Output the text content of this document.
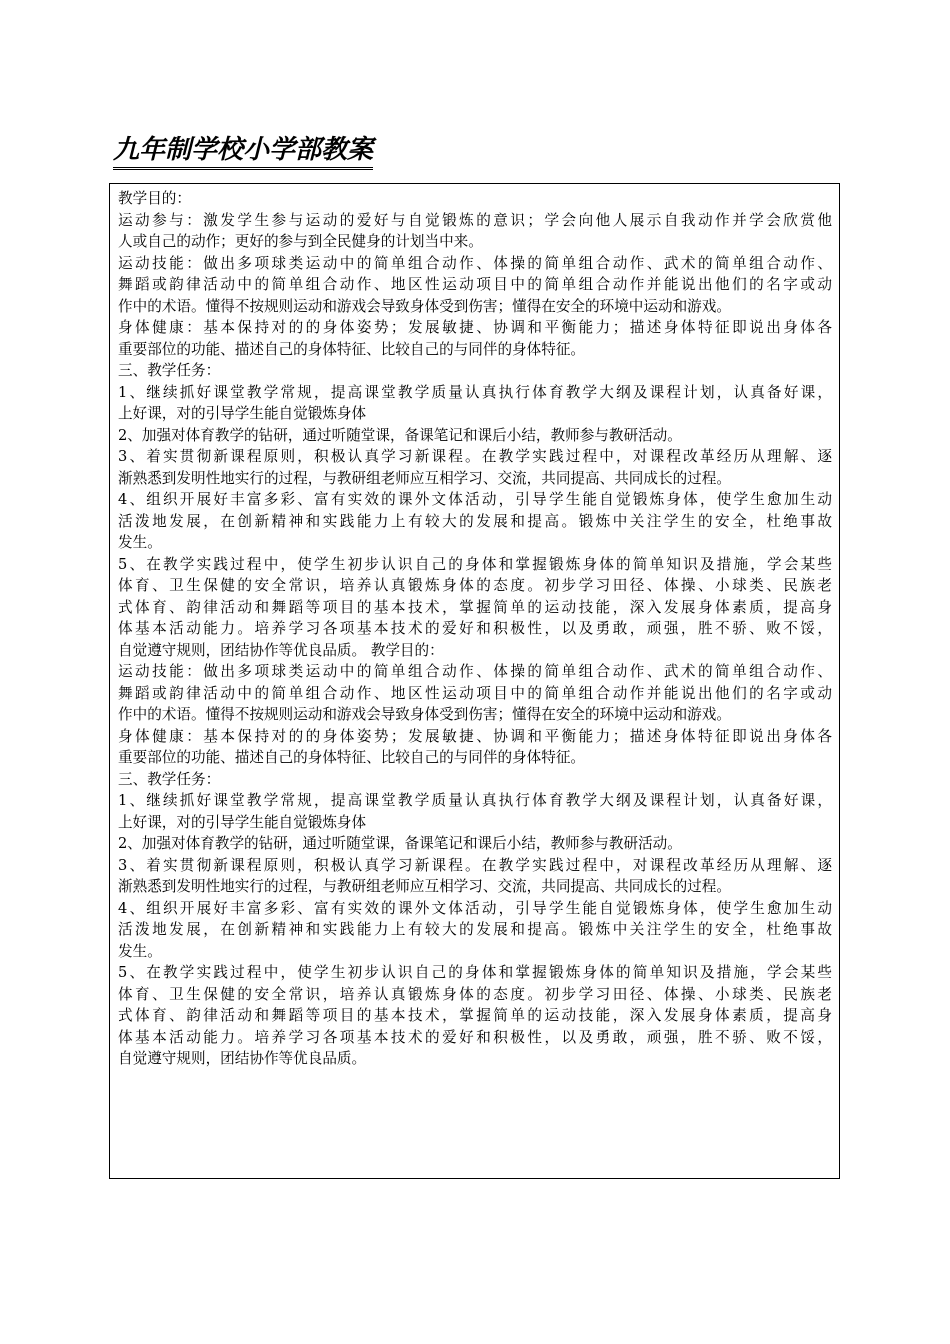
九年制学校小学部教案
教学目的：
运动参与：激发学生参与运动的爱好与自觉锻炼的意识；学会向他人展示自我动作并学会欣赏他
人或自己的动作；更好的参与到全民健身的计划当中来。
运动技能：做出多项球类运动中的简单组合动作、体操的简单组合动作、武术的简单组合动作、
舞蹈或韵律活动中的简单组合动作、地区性运动项目中的简单组合动作并能说出他们的名字或动
作中的术语。懂得不按规则运动和游戏会导致身体受到伤害；懂得在安全的环境中运动和游戏。
身体健康：基本保持对的的身体姿势；发展敏捷、协调和平衡能力；描述身体特征即说出身体各
重要部位的功能、描述自己的身体特征、比较自己的与同伴的身体特征。
三、教学任务：
1、继续抓好课堂教学常规，提高课堂教学质量认真执行体育教学大纲及课程计划，认真备好课，
上好课，对的引导学生能自觉锻炼身体
2、加强对体育教学的钻研，通过听随堂课，备课笔记和课后小结，教师参与教研活动。
3、着实贯彻新课程原则，积极认真学习新课程。在教学实践过程中，对课程改革经历从理解、逐
渐熟悉到发明性地实行的过程，与教研组老师应互相学习、交流，共同提高、共同成长的过程。
4、组织开展好丰富多彩、富有实效的课外文体活动，引导学生能自觉锻炼身体，使学生愈加生动
活泼地发展，在创新精神和实践能力上有较大的发展和提高。锻炼中关注学生的安全，杜绝事故
发生。
5、在教学实践过程中，使学生初步认识自己的身体和掌握锻炼身体的简单知识及措施，学会某些
体育、卫生保健的安全常识，培养认真锻炼身体的态度。初步学习田径、体操、小球类、民族老
式体育、韵律活动和舞蹈等项目的基本技术，掌握简单的运动技能，深入发展身体素质，提高身
体基本活动能力。培养学习各项基本技术的爱好和积极性，以及勇敢，顽强，胜不骄、败不馁，
自觉遵守规则，团结协作等优良品质。 教学目的：
运动技能：做出多项球类运动中的简单组合动作、体操的简单组合动作、武术的简单组合动作、
舞蹈或韵律活动中的简单组合动作、地区性运动项目中的简单组合动作并能说出他们的名字或动
作中的术语。懂得不按规则运动和游戏会导致身体受到伤害；懂得在安全的环境中运动和游戏。
身体健康：基本保持对的的身体姿势；发展敏捷、协调和平衡能力；描述身体特征即说出身体各
重要部位的功能、描述自己的身体特征、比较自己的与同伴的身体特征。
三、教学任务：
1、继续抓好课堂教学常规，提高课堂教学质量认真执行体育教学大纲及课程计划，认真备好课，
上好课，对的引导学生能自觉锻炼身体
2、加强对体育教学的钻研，通过听随堂课，备课笔记和课后小结，教师参与教研活动。
3、着实贯彻新课程原则，积极认真学习新课程。在教学实践过程中，对课程改革经历从理解、逐
渐熟悉到发明性地实行的过程，与教研组老师应互相学习、交流，共同提高、共同成长的过程。
4、组织开展好丰富多彩、富有实效的课外文体活动，引导学生能自觉锻炼身体，使学生愈加生动
活泼地发展，在创新精神和实践能力上有较大的发展和提高。锻炼中关注学生的安全，杜绝事故
发生。
5、在教学实践过程中，使学生初步认识自己的身体和掌握锻炼身体的简单知识及措施，学会某些
体育、卫生保健的安全常识，培养认真锻炼身体的态度。初步学习田径、体操、小球类、民族老
式体育、韵律活动和舞蹈等项目的基本技术，掌握简单的运动技能，深入发展身体素质，提高身
体基本活动能力。培养学习各项基本技术的爱好和积极性，以及勇敢，顽强，胜不骄、败不馁，
自觉遵守规则，团结协作等优良品质。
